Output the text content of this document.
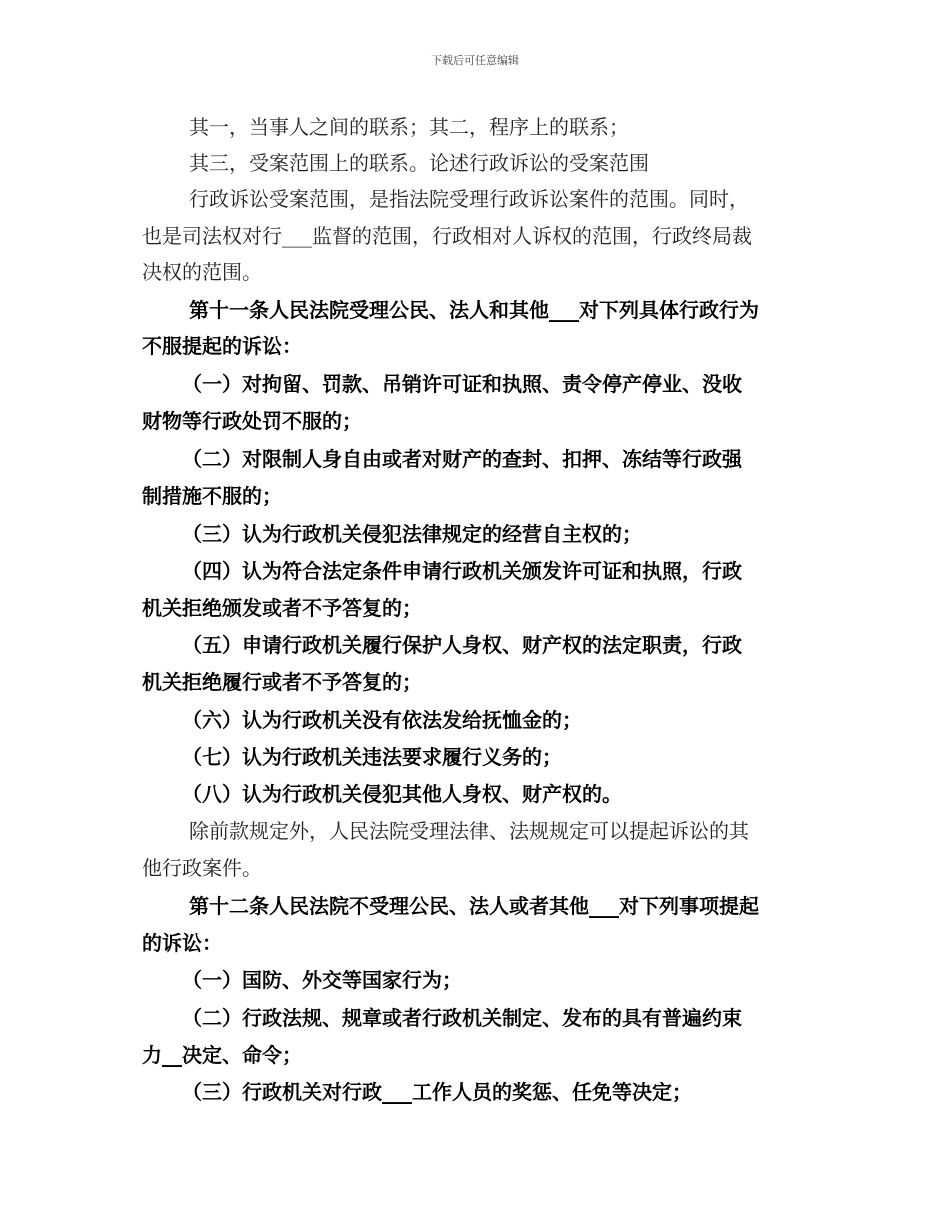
下载后可任意编辑
其一，当事人之间的联系；其二，程序上的联系；
其三，受案范围上的联系。论述行政诉讼的受案范围
行政诉讼受案范围，是指法院受理行政诉讼案件的范围。同时，
也是司法权对行___监督的范围，行政相对人诉权的范围，行政终局裁
决权的范围。
第十一条人民法院受理公民、法人和其他___对下列具体行政行为
不服提起的诉讼：
（一）对拘留、罚款、吊销许可证和执照、责令停产停业、没收
财物等行政处罚不服的；
（二）对限制人身自由或者对财产的查封、扣押、冻结等行政强
制措施不服的；
（三）认为行政机关侵犯法律规定的经营自主权的；
（四）认为符合法定条件申请行政机关颁发许可证和执照，行政
机关拒绝颁发或者不予答复的；
（五）申请行政机关履行保护人身权、财产权的法定职责，行政
机关拒绝履行或者不予答复的；
（六）认为行政机关没有依法发给抚恤金的；
（七）认为行政机关违法要求履行义务的；
（八）认为行政机关侵犯其他人身权、财产权的。
除前款规定外，人民法院受理法律、法规规定可以提起诉讼的其
他行政案件。
第十二条人民法院不受理公民、法人或者其他___对下列事项提起
的诉讼：
（一）国防、外交等国家行为；
（二）行政法规、规章或者行政机关制定、发布的具有普遍约束
力__决定、命令；
（三）行政机关对行政___工作人员的奖惩、任免等决定；
